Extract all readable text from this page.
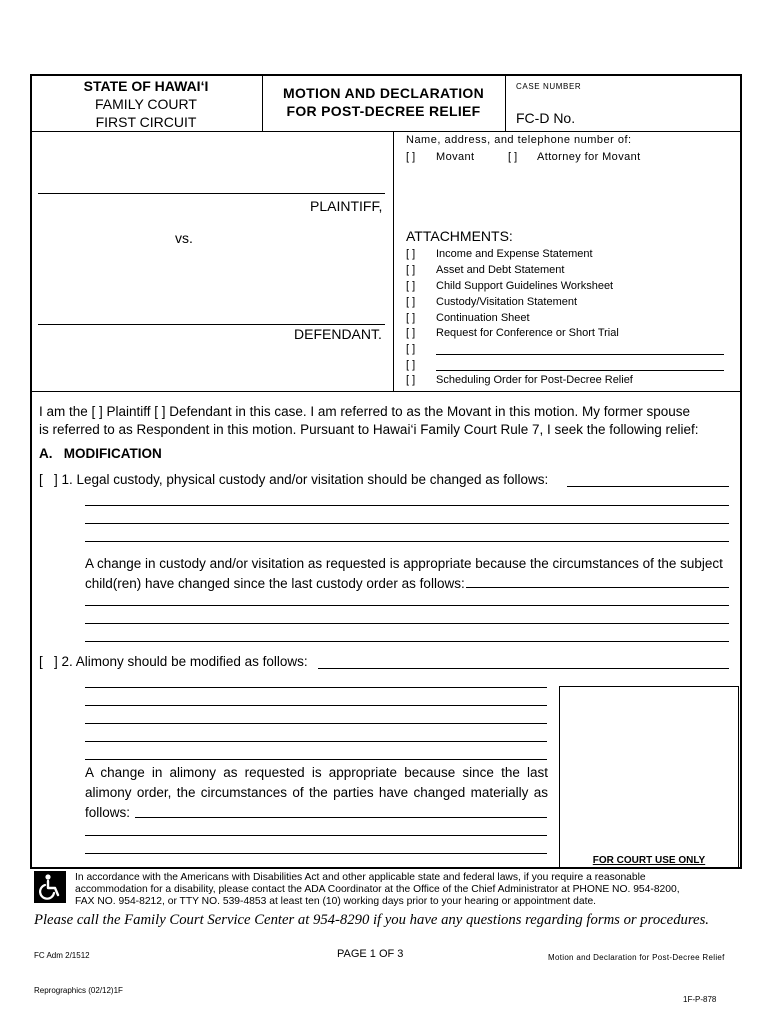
STATE OF HAWAI‘I
FAMILY COURT
FIRST CIRCUIT
MOTION AND DECLARATION
FOR POST-DECREE RELIEF
CASE NUMBER
FC-D No.
Name, address, and telephone number of:
[ ] Movant	[ ] Attorney for Movant
PLAINTIFF,
vs.
DEFENDANT.
ATTACHMENTS:
[ ] Income and Expense Statement
[ ] Asset and Debt Statement
[ ] Child Support Guidelines Worksheet
[ ] Custody/Visitation Statement
[ ] Continuation Sheet
[ ] Request for Conference or Short Trial
[ ]
[ ]
[ ] Scheduling Order for Post-Decree Relief
I am the [ ] Plaintiff [ ] Defendant in this case. I am referred to as the Movant in this motion. My former spouse
is referred to as Respondent in this motion. Pursuant to Hawai‘i Family Court Rule 7, I seek the following relief:
A.   MODIFICATION
[   ] 1. Legal custody, physical custody and/or visitation should be changed as follows:
A change in custody and/or visitation as requested is appropriate because the circumstances of the subject
child(ren) have changed since the last custody order as follows:
[   ] 2. Alimony should be modified as follows:
A change in alimony as requested is appropriate because since the last
alimony order, the circumstances of the parties have changed materially as
follows:
FOR COURT USE ONLY
In accordance with the Americans with Disabilities Act and other applicable state and federal laws, if you require a reasonable
accommodation for a disability, please contact the ADA Coordinator at the Office of the Chief Administrator at PHONE NO. 954-8200,
FAX NO. 954-8212, or TTY NO. 539-4853 at least ten (10) working days prior to your hearing or appointment date.
Please call the Family Court Service Center at 954-8290 if you have any questions regarding forms or procedures.
FC Adm 2/1512	PAGE 1 OF 3	Motion and Declaration for Post-Decree Relief
Reprographics (02/12)1F
1F-P-878
